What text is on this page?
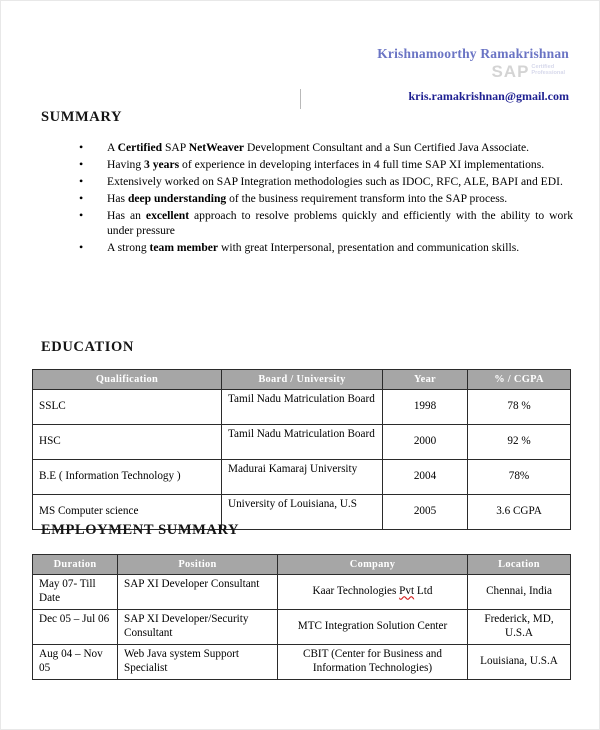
Krishnamoorthy Ramakrishnan
SAP Certified
Professional
kris.ramakrishnan@gmail.com
SUMMARY
• A Certified SAP NetWeaver Development Consultant and a Sun Certified Java Associate.
• Having 3 years of experience in developing interfaces in 4 full time SAP XI implementations.
• Extensively worked on SAP Integration methodologies such as IDOC, RFC, ALE, BAPI and EDI.
• Has deep understanding of the business requirement transform into the SAP process.
• Has an excellent approach to resolve problems quickly and efficiently with the ability to work under pressure
• A strong team member with great Interpersonal, presentation and communication skills.
EDUCATION
Qualification	Board / University	Year	% / CGPA
SSLC	Tamil Nadu Matriculation Board	1998	78 %
HSC	Tamil Nadu Matriculation Board	2000	92 %
B.E ( Information Technology )	Madurai Kamaraj University	2004	78%
MS Computer science	University of Louisiana, U.S	2005	3.6 CGPA
EMPLOYMENT SUMMARY
Duration	Position	Company	Location
May 07- Till Date	SAP XI Developer Consultant	Kaar Technologies Pvt Ltd	Chennai, India
Dec 05 – Jul 06	SAP XI Developer/Security Consultant	MTC Integration Solution Center	Frederick, MD, U.S.A
Aug 04 – Nov 05	Web Java system Support Specialist	CBIT (Center for Business and Information Technologies)	Louisiana, U.S.A
